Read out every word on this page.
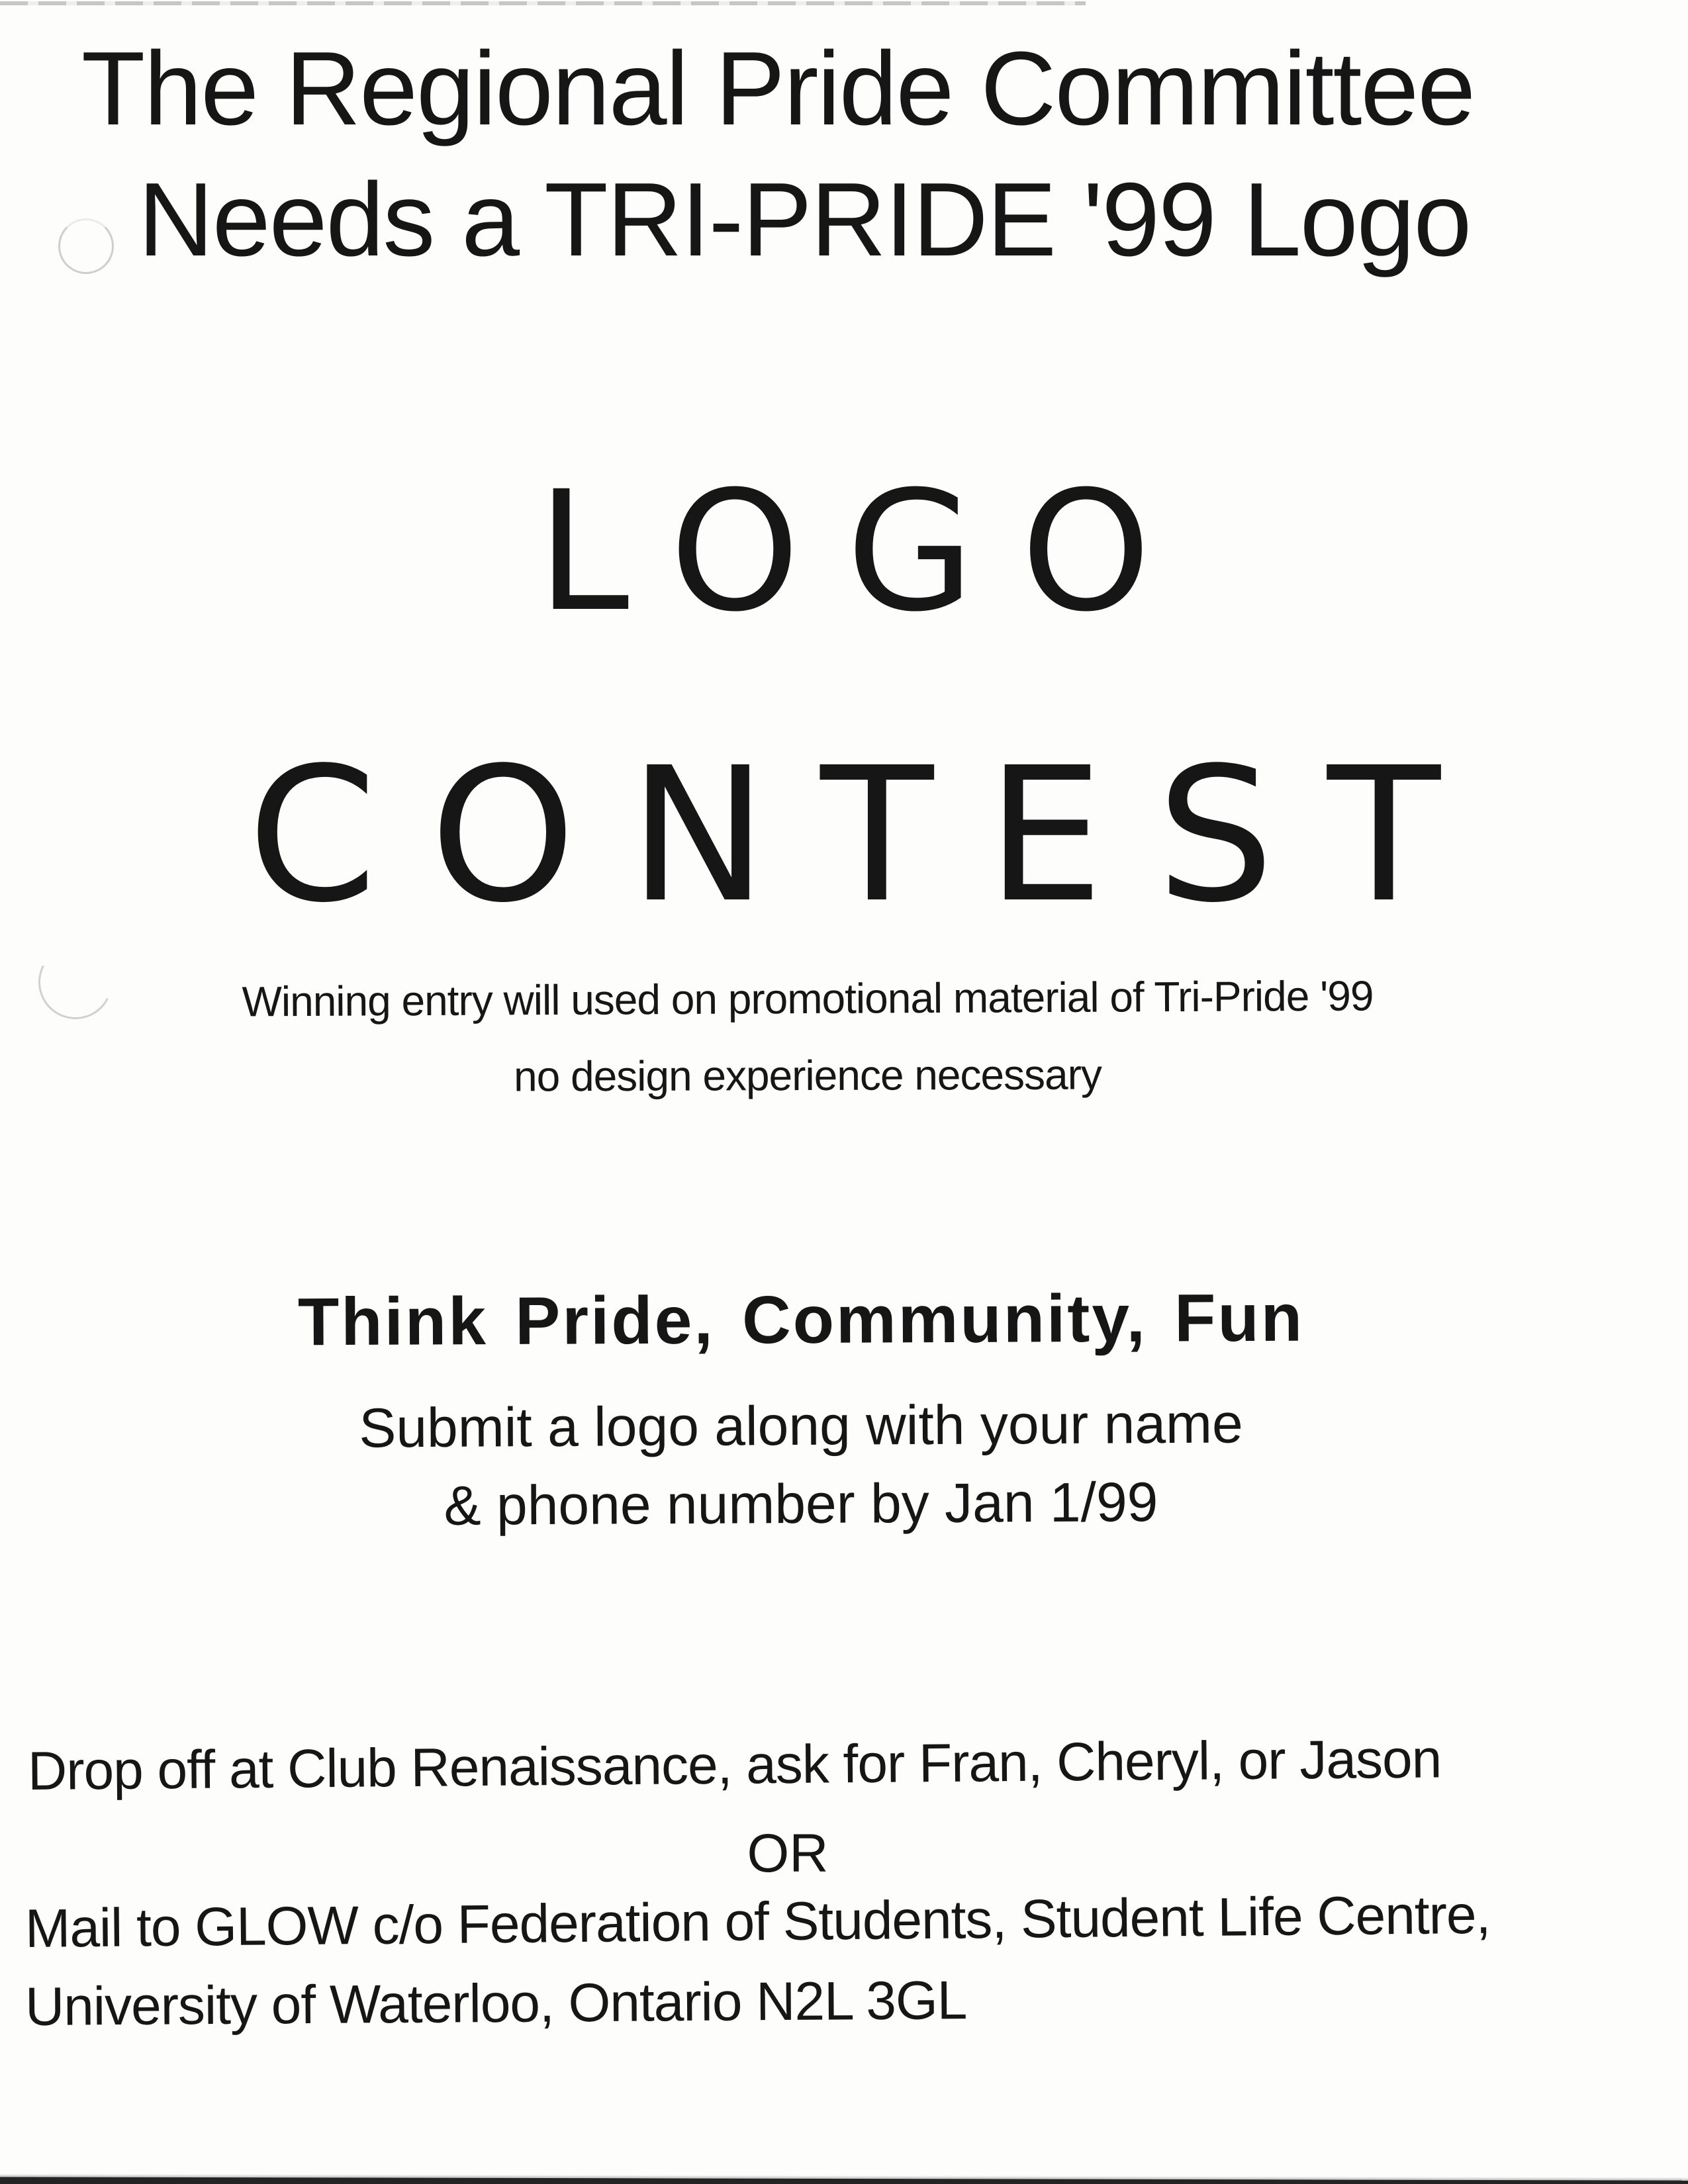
The Regional Pride Committee
Needs a TRI-PRIDE '99 Logo
LOGO
CONTEST
Winning entry will used on promotional material of Tri-Pride '99
no design experience necessary
Think Pride, Community, Fun
Submit a logo along with your name
& phone number by Jan 1/99
Drop off at Club Renaissance, ask for Fran, Cheryl, or Jason
OR
Mail to GLOW c/o Federation of Students, Student Life Centre,
University of Waterloo, Ontario N2L 3GL
